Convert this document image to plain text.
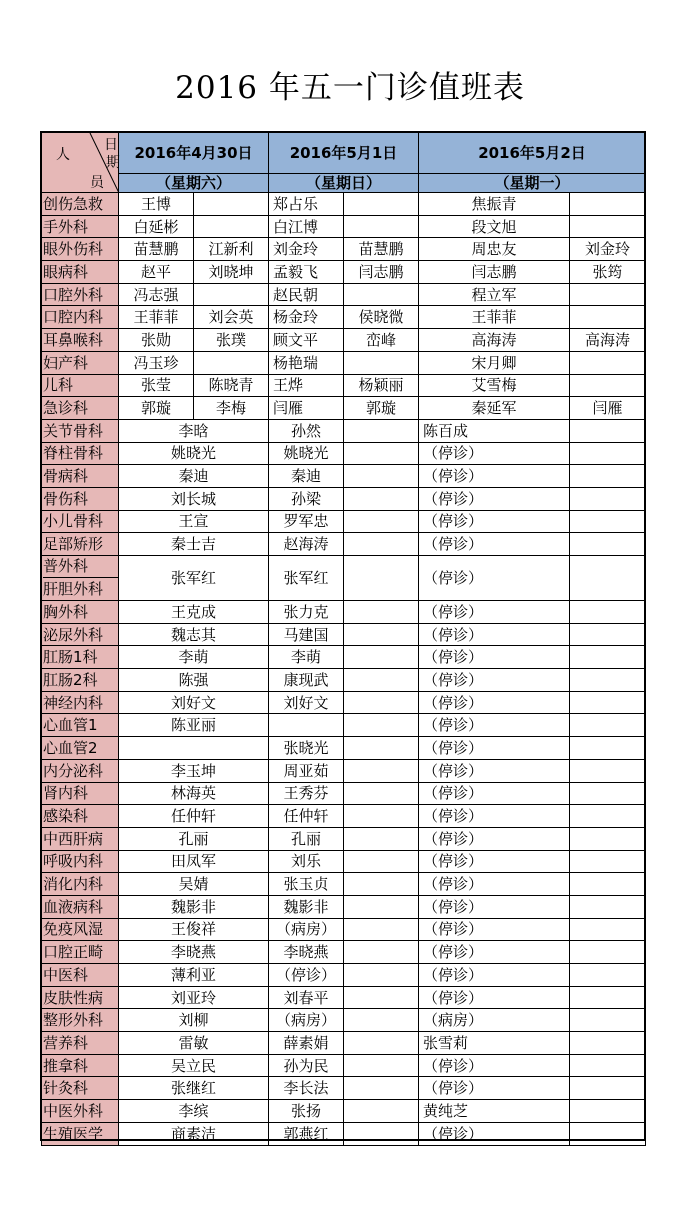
2016 年五一门诊值班表
人
日
期
员	2016年4月30日		2016年5月1日		2016年5月2日	
	（星期六）		（星期日）		（星期一）	
创伤急救	王博		郑占乐		焦振青	
手外科	白延彬		白江博		段文旭	
眼外伤科	苗慧鹏	江新利	刘金玲	苗慧鹏	周忠友	刘金玲
眼病科	赵平	刘晓坤	孟毅飞	闫志鹏	闫志鹏	张筠
口腔外科	冯志强		赵民朝		程立军	
口腔内科	王菲菲	刘会英	杨金玲	侯晓微	王菲菲	
耳鼻喉科	张勋	张璞	顾文平	峦峰	高海涛	高海涛
妇产科	冯玉珍		杨艳瑞		宋月卿	
儿科	张莹	陈晓青	王烨	杨颖丽	艾雪梅	
急诊科	郭璇	李梅	闫雁	郭璇	秦延军	闫雁
关节骨科	李晗		孙然		陈百成	
脊柱骨科	姚晓光		姚晓光		（停诊）	
骨病科	秦迪		秦迪		（停诊）	
骨伤科	刘长城		孙梁		（停诊）	
小儿骨科	王宣		罗军忠		（停诊）	
足部矫形	秦士吉		赵海涛		（停诊）	

普外科
肝胆外科	张军红		张军红		（停诊）	
胸外科	王克成		张力克		（停诊）	
泌尿外科	魏志其		马建国		（停诊）	
肛肠1科	李萌		李萌		（停诊）	
肛肠2科	陈强		康现武		（停诊）	
神经内科	刘好文		刘好文		（停诊）	
心血管1	陈亚丽				（停诊）	
心血管2			张晓光		（停诊）	
内分泌科	李玉坤		周亚茹		（停诊）	
肾内科	林海英		王秀芬		（停诊）	
感染科	任仲轩		任仲轩		（停诊）	
中西肝病	孔丽		孔丽		（停诊）	
呼吸内科	田凤军		刘乐		（停诊）	
消化内科	吴婧		张玉贞		（停诊）	
血液病科	魏影非		魏影非		（停诊）	
免疫风湿	王俊祥		（病房）		（停诊）	
口腔正畸	李晓燕		李晓燕		（停诊）	
中医科	薄利亚		（停诊）		（停诊）	
皮肤性病	刘亚玲		刘春平		（停诊）	
整形外科	刘柳		（病房）		（病房）	
营养科	雷敏		薛素娟		张雪莉	
推拿科	吴立民		孙为民		（停诊）	
针灸科	张继红		李长法		（停诊）	
中医外科	李缤		张扬		黄纯芝	
生殖医学	商素洁		郭燕红		（停诊）	
